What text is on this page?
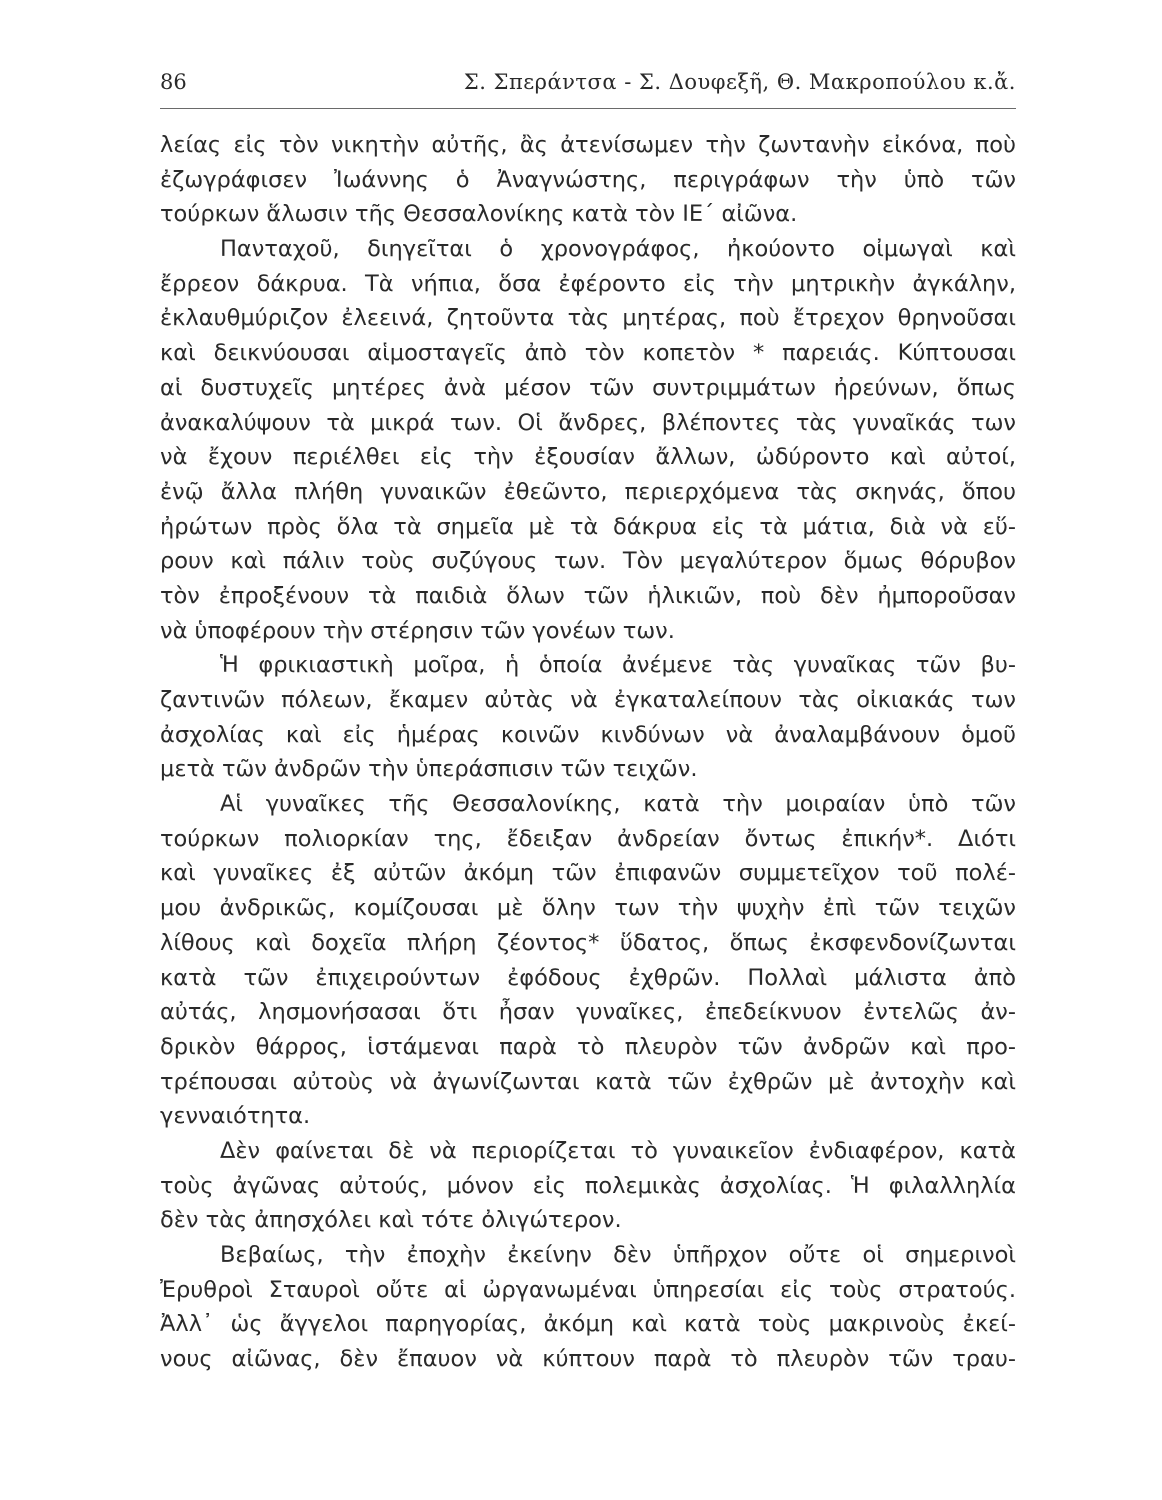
86	Σ. Σπεράντσα - Σ. Δουφεξῆ, Θ. Μακροπούλου κ.ἄ.
λείας εἰς τὸν νικητὴν αὐτῆς, ἂς ἀτενίσωμεν τὴν ζωντανὴν εἰκόνα, ποὺ
ἐζωγράφισεν Ἰωάννης ὁ Ἀναγνώστης, περιγράφων τὴν ὑπὸ τῶν
τούρκων ἅλωσιν τῆς Θεσσαλονίκης κατὰ τὸν ΙΕ΄ αἰῶνα.
Πανταχοῦ, διηγεῖται ὁ χρονογράφος, ἠκούοντο οἰμωγαὶ καὶ
ἔρρεον δάκρυα. Τὰ νήπια, ὅσα ἐφέροντο εἰς τὴν μητρικὴν ἀγκάλην,
ἐκλαυθμύριζον ἐλεεινά, ζητοῦντα τὰς μητέρας, ποὺ ἔτρεχον θρηνοῦσαι
καὶ δεικνύουσαι αἱμοσταγεῖς ἀπὸ τὸν κοπετὸν * παρειάς. Κύπτουσαι
αἱ δυστυχεῖς μητέρες ἀνὰ μέσον τῶν συντριμμάτων ἠρεύνων, ὅπως
ἀνακαλύψουν τὰ μικρά των. Οἱ ἄνδρες, βλέποντες τὰς γυναῖκάς των
νὰ ἔχουν περιέλθει εἰς τὴν ἐξουσίαν ἄλλων, ὠδύροντο καὶ αὐτοί,
ἐνῷ ἄλλα πλήθη γυναικῶν ἐθεῶντο, περιερχόμενα τὰς σκηνάς, ὅπου
ἠρώτων πρὸς ὅλα τὰ σημεῖα μὲ τὰ δάκρυα εἰς τὰ μάτια, διὰ νὰ εὕ-
ρουν καὶ πάλιν τοὺς συζύγους των. Τὸν μεγαλύτερον ὅμως θόρυβον
τὸν ἐπροξένουν τὰ παιδιὰ ὅλων τῶν ἡλικιῶν, ποὺ δὲν ἠμποροῦσαν
νὰ ὑποφέρουν τὴν στέρησιν τῶν γονέων των.
Ἡ φρικιαστικὴ μοῖρα, ἡ ὁποία ἀνέμενε τὰς γυναῖκας τῶν βυ-
ζαντινῶν πόλεων, ἔκαμεν αὐτὰς νὰ ἐγκαταλείπουν τὰς οἰκιακάς των
ἀσχολίας καὶ εἰς ἡμέρας κοινῶν κινδύνων νὰ ἀναλαμβάνουν ὁμοῦ
μετὰ τῶν ἀνδρῶν τὴν ὑπεράσπισιν τῶν τειχῶν.
Αἱ γυναῖκες τῆς Θεσσαλονίκης, κατὰ τὴν μοιραίαν ὑπὸ τῶν
τούρκων πολιορκίαν της, ἔδειξαν ἀνδρείαν ὄντως ἐπικήν*. Διότι
καὶ γυναῖκες ἐξ αὐτῶν ἀκόμη τῶν ἐπιφανῶν συμμετεῖχον τοῦ πολέ-
μου ἀνδρικῶς, κομίζουσαι μὲ ὅλην των τὴν ψυχὴν ἐπὶ τῶν τειχῶν
λίθους καὶ δοχεῖα πλήρη ζέοντος* ὕδατος, ὅπως ἐκσφενδονίζωνται
κατὰ τῶν ἐπιχειρούντων ἐφόδους ἐχθρῶν. Πολλαὶ μάλιστα ἀπὸ
αὐτάς, λησμονήσασαι ὅτι ἦσαν γυναῖκες, ἐπεδείκνυον ἐντελῶς ἀν-
δρικὸν θάρρος, ἱστάμεναι παρὰ τὸ πλευρὸν τῶν ἀνδρῶν καὶ προ-
τρέπουσαι αὐτοὺς νὰ ἀγωνίζωνται κατὰ τῶν ἐχθρῶν μὲ ἀντοχὴν καὶ
γενναιότητα.
Δὲν φαίνεται δὲ νὰ περιορίζεται τὸ γυναικεῖον ἐνδιαφέρον, κατὰ
τοὺς ἀγῶνας αὐτούς, μόνον εἰς πολεμικὰς ἀσχολίας. Ἡ φιλαλληλία
δὲν τὰς ἀπησχόλει καὶ τότε ὀλιγώτερον.
Βεβαίως, τὴν ἐποχὴν ἐκείνην δὲν ὑπῆρχον οὔτε οἱ σημερινοὶ
Ἐρυθροὶ Σταυροὶ οὔτε αἱ ὠργανωμέναι ὑπηρεσίαι εἰς τοὺς στρατούς.
Ἀλλ᾽ ὡς ἄγγελοι παρηγορίας, ἀκόμη καὶ κατὰ τοὺς μακρινοὺς ἐκεί-
νους αἰῶνας, δὲν ἔπαυον νὰ κύπτουν παρὰ τὸ πλευρὸν τῶν τραυ-
